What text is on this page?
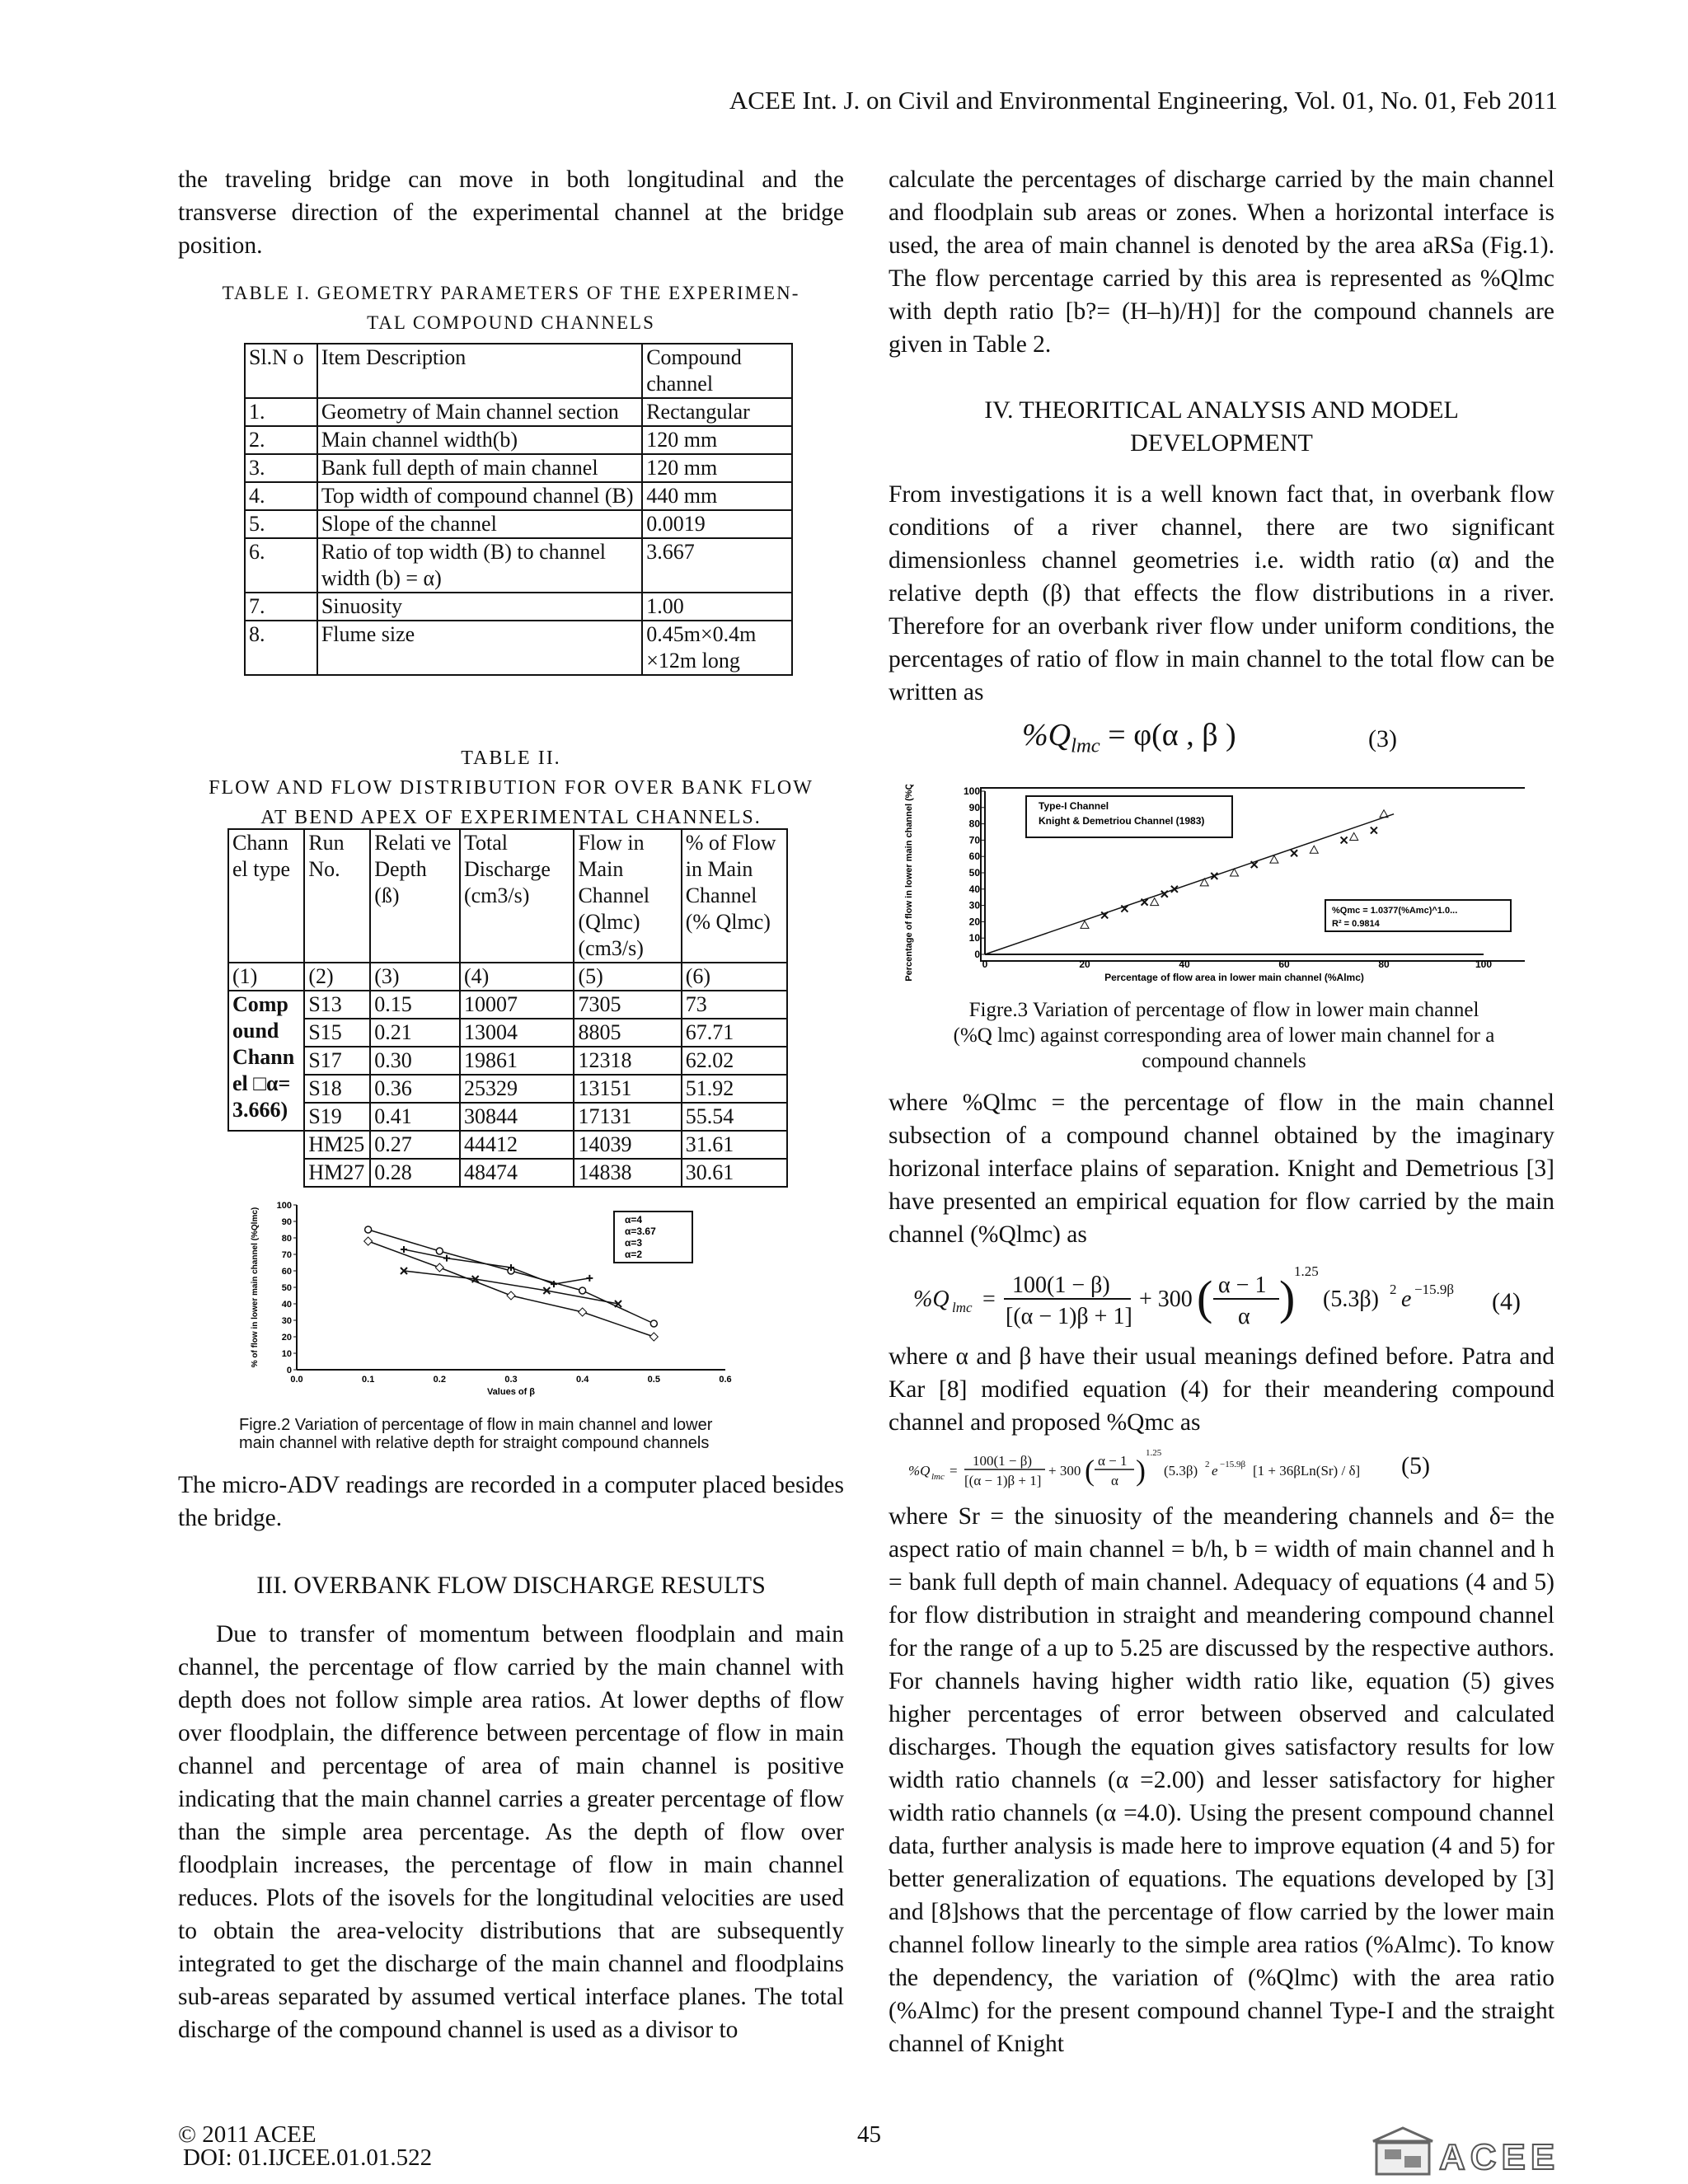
ACEE Int. J. on Civil and Environmental Engineering, Vol. 01, No. 01, Feb 2011
the traveling bridge can move in both longitudinal and the transverse direction of the experimental channel at the bridge position.
TABLE I. GEOMETRY PARAMETERS OF THE EXPERIMEN-
TAL COMPOUND CHANNELS
Sl.N o	Item Description	Compound channel
1.	Geometry of Main channel section	Rectangular
2.	Main channel width(b)	120 mm
3.	Bank full depth of main channel	120 mm
4.	Top width of compound channel (B)	440 mm
5.	Slope of the channel	0.0019
6.	Ratio of top width (B) to channel width (b) = α)	3.667
7.	Sinuosity	1.00
8.	Flume size	0.45m×0.4m ×12m long
TABLE II.
FLOW AND FLOW DISTRIBUTION FOR OVER BANK FLOW
AT BEND APEX OF EXPERIMENTAL CHANNELS.
Chann el type	Run No.	Relati ve Depth (ß)	Total Discharge (cm3/s)	Flow in Main Channel (Qlmc) (cm3/s)	% of Flow in Main Channel (% Qlmc)
(1)	(2)	(3)	(4)	(5)	(6)
Comp ound Chann el □α= 3.666)	S13	0.15	10007	7305	73
	S15	0.21	13004	8805	67.71
	S17	0.30	19861	12318	62.02
	S18	0.36	25329	13151	51.92
	S19	0.41	30844	17131	55.54
	HM25	0.27	44412	14039	31.61
	HM27	0.28	48474	14838	30.61
0
10
20
30
40
50
60
70
80
90
100
0.0	0.1	0.2	0.3	0.4	0.5	0.6
Values of β
% of flow in lower main channel (%Qlmc)	α=4
α=3.67
α=3
α=2
Figre.2 Variation of percentage of flow in main channel and lower
main channel with relative depth for straight compound channels
The micro-ADV readings are recorded in a computer placed besides the bridge.
III. OVERBANK FLOW DISCHARGE RESULTS
Due to transfer of momentum between floodplain and main channel, the percentage of flow carried by the main channel with depth does not follow simple area ratios. At lower depths of flow over floodplain, the difference between percentage of flow in main channel and percentage of area of main channel is positive indicating that the main channel carries a greater percentage of flow than the simple area percentage. As the depth of flow over floodplain increases, the percentage of flow in main channel reduces. Plots of the isovels for the longitudinal velocities are used to obtain the area-velocity distributions that are subsequently integrated to get the discharge of the main channel and floodplains sub-areas separated by assumed vertical interface planes. The total discharge of the compound channel is used as a divisor to
calculate the percentages of discharge carried by the main channel and floodplain sub areas or zones. When a horizontal interface is used, the area of main channel is denoted by the area aRSa (Fig.1). The flow percentage carried by this area is represented as %Qlmc with depth ratio [b?= (H–h)/H)] for the compound channels are given in Table 2.
IV. THEORITICAL ANALYSIS AND MODEL
DEVELOPMENT
From investigations it is a well known fact that, in overbank flow conditions of a river channel, there are two significant dimensionless channel geometries i.e. width ratio (α) and the relative depth (β) that effects the flow distributions in a river. Therefore for an overbank river flow under uniform conditions, the percentages of ratio of flow in main channel to the total flow can be written as
$\%Q_{lmc} = \varphi(\alpha$ , β )	(3)
0
10
20
30
40
50
60
70
80
90
100
0	20	40	60	80	100
Percentage of flow area in lower main channel (%Almc)
Percentage of flow in lower main channel (%Qlmc)	Type-I Channel
Knight & Demetriou Channel (1983)
%Qmc = 1.0377(%Amc)^1.0...
R² = 0.9814
Figre.3 Variation of percentage of flow in lower main channel
(%Q lmc) against corresponding area of lower main channel for a
compound channels
where %Qlmc = the percentage of flow in the main channel subsection of a compound channel obtained by the imaginary horizonal interface plains of separation. Knight and Demetrious [3] have presented an empirical equation for flow carried by the main channel (%Qlmc) as
%Q lmc =
100(1 − β)
[(α − 1)β + 1]
+ 300 ( α − 1
α )
1.25
(5.3β) 2 e −15.9β (4)
where α and β have their usual meanings defined before. Patra and Kar [8] modified equation (4) for their meandering compound channel and proposed %Qmc as
%Q lmc =
100(1 − β)
[(α − 1)β + 1]
+ 300 ( α − 1
α )
1.25
(5.3β) 2 e −15.9β [1 + 36βLn(Sr) / δ] (5)
where Sr = the sinuosity of the meandering channels and δ= the aspect ratio of main channel = b/h, b = width of main channel and h = bank full depth of main channel. Adequacy of equations (4 and 5) for flow distribution in straight and meandering compound channel for the range of a up to 5.25 are discussed by the respective authors. For channels having higher width ratio like, equation (5) gives higher percentages of error between observed and calculated discharges. Though the equation gives satisfactory results for low width ratio channels (α =2.00) and lesser satisfactory for higher width ratio channels (α =4.0). Using the present compound channel data, further analysis is made here to improve equation (4 and 5) for better generalization of equations. The equations developed by [3] and [8]shows that the percentage of flow carried by the lower main channel follow linearly to the simple area ratios (%Almc). To know the dependency, the variation of (%Qlmc) with the area ratio (%Almc) for the present compound channel Type-I and the straight channel of Knight
© 2011 ACEE
DOI: 01.IJCEE.01.01.522
45
ACEE
